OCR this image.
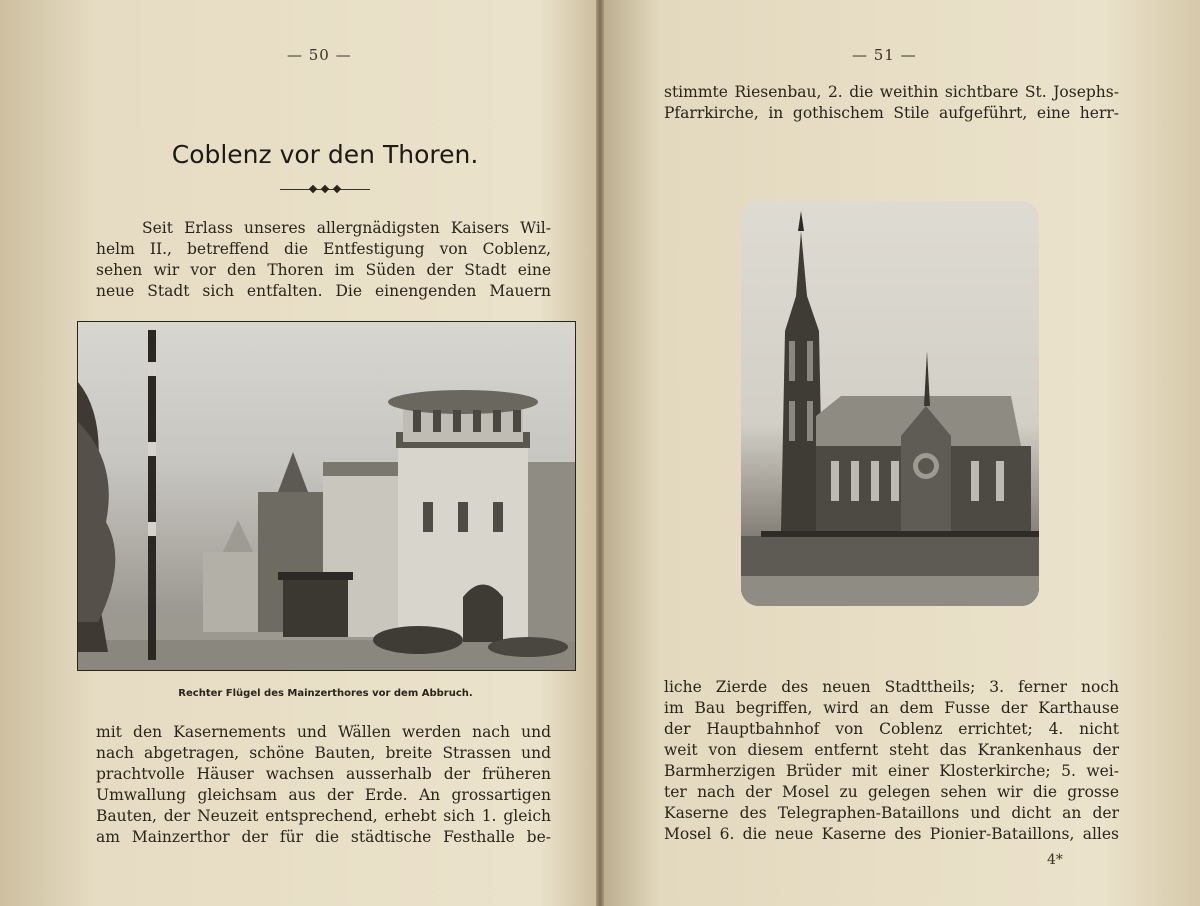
— 50 —
Coblenz vor den Thoren.

Seit Erlass unseres allergnädigsten Kaisers Wil-

helm II., betreffend die Entfestigung von Coblenz,

sehen wir vor den Thoren im Süden der Stadt eine

neue Stadt sich entfalten. Die einengenden Mauern

Rechter Flügel des Mainzerthores vor dem Abbruch.

mit den Kasernements und Wällen werden nach und

nach abgetragen, schöne Bauten, breite Strassen und

prachtvolle Häuser wachsen ausserhalb der früheren

Umwallung gleichsam aus der Erde. An grossartigen

Bauten, der Neuzeit entsprechend, erhebt sich 1. gleich

am Mainzerthor der für die städtische Festhalle be-

— 51 —

stimmte Riesenbau, 2. die weithin sichtbare St. Josephs-

Pfarrkirche, in gothischem Stile aufgeführt, eine herr-

liche Zierde des neuen Stadttheils; 3. ferner noch

im Bau begriffen, wird an dem Fusse der Karthause

der Hauptbahnhof von Coblenz errichtet; 4. nicht

weit von diesem entfernt steht das Krankenhaus der

Barmherzigen Brüder mit einer Klosterkirche; 5. wei-

ter nach der Mosel zu gelegen sehen wir die grosse

Kaserne des Telegraphen-Bataillons und dicht an der

Mosel 6. die neue Kaserne des Pionier-Bataillons, alles

4*
